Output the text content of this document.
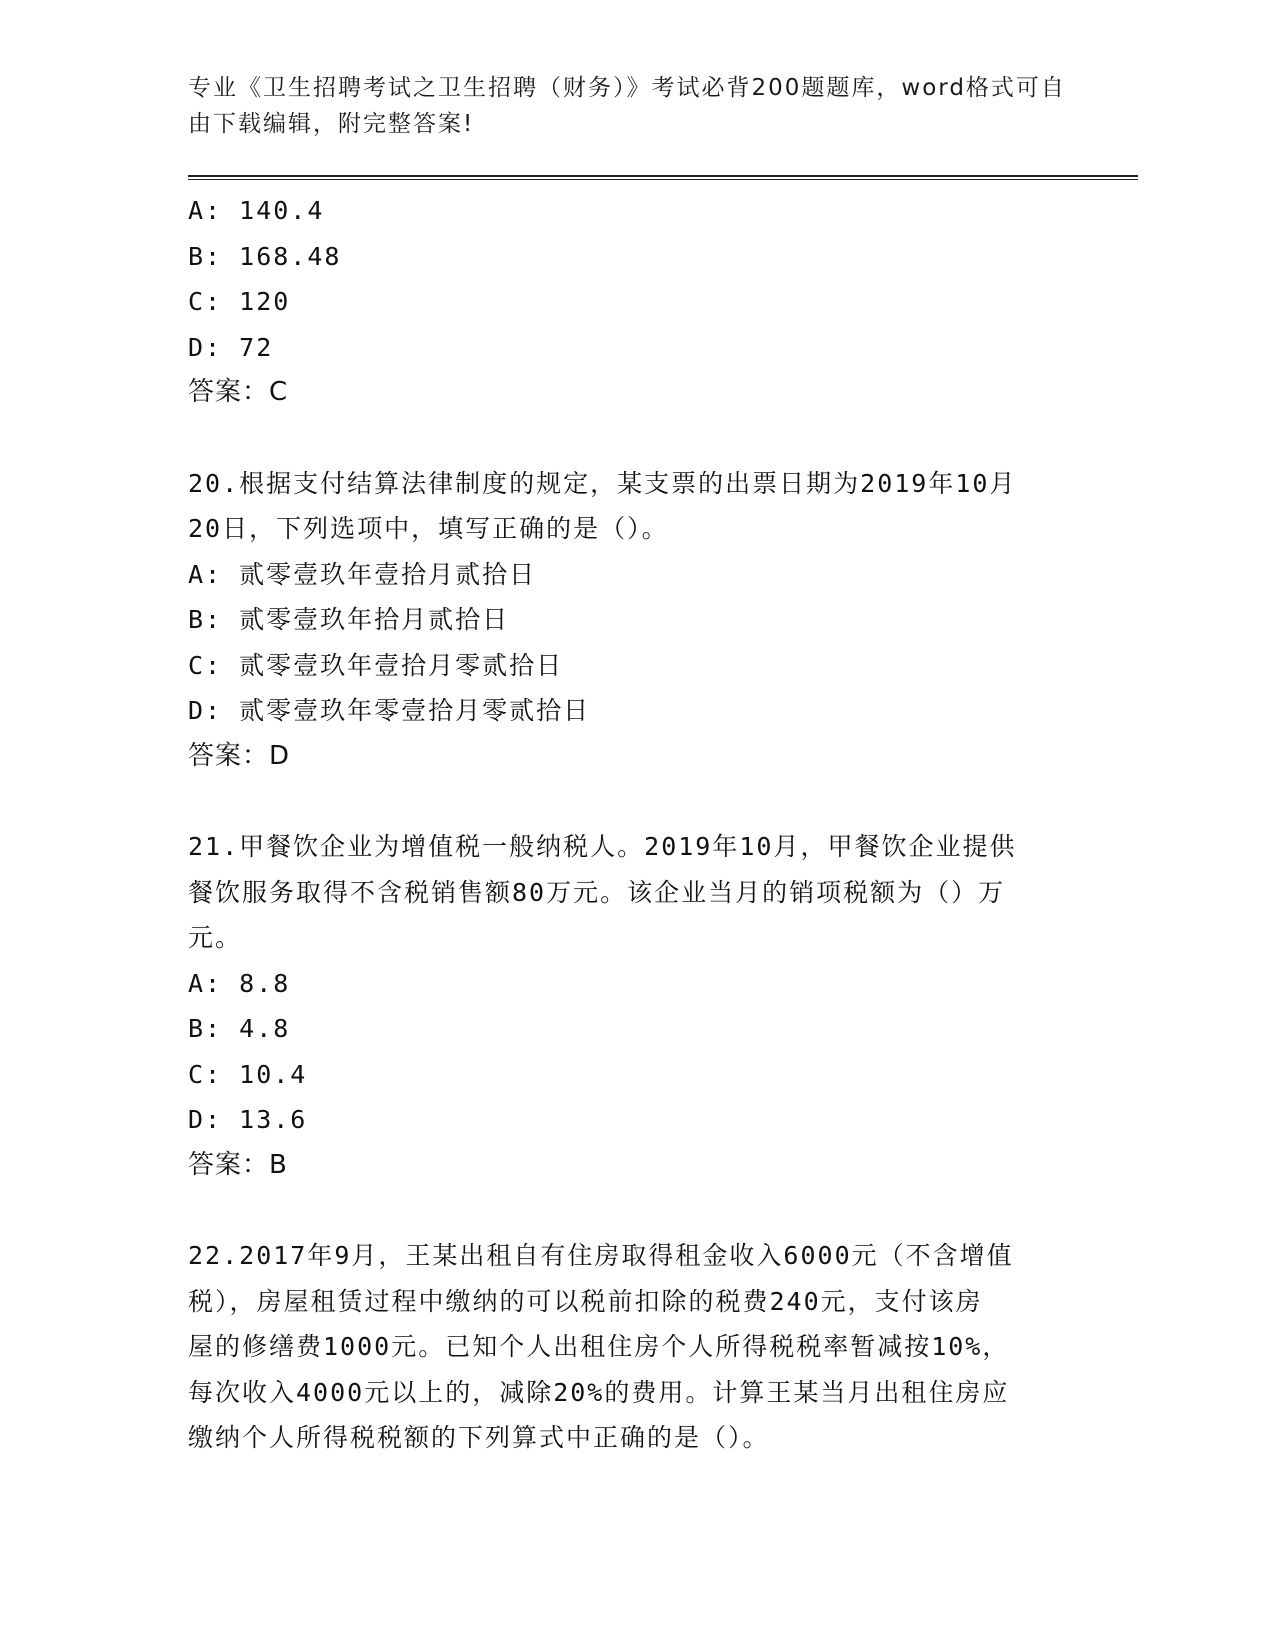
专业《卫生招聘考试之卫生招聘（财务）》考试必背200题题库，word格式可自
由下载编辑，附完整答案!
A: 140.4
B: 168.48
C: 120
D: 72
答案：C
20.根据支付结算法律制度的规定，某支票的出票日期为2019年10月
20日，下列选项中，填写正确的是（）。
A: 贰零壹玖年壹拾月贰拾日
B: 贰零壹玖年拾月贰拾日
C: 贰零壹玖年壹拾月零贰拾日
D: 贰零壹玖年零壹拾月零贰拾日
答案：D
21.甲餐饮企业为增值税一般纳税人。2019年10月，甲餐饮企业提供
餐饮服务取得不含税销售额80万元。该企业当月的销项税额为（）万
元。
A: 8.8
B: 4.8
C: 10.4
D: 13.6
答案：B
22.2017年9月，王某出租自有住房取得租金收入6000元（不含增值
税），房屋租赁过程中缴纳的可以税前扣除的税费240元，支付该房
屋的修缮费1000元。已知个人出租住房个人所得税税率暂减按10%，
每次收入4000元以上的，减除20%的费用。计算王某当月出租住房应
缴纳个人所得税税额的下列算式中正确的是（）。
